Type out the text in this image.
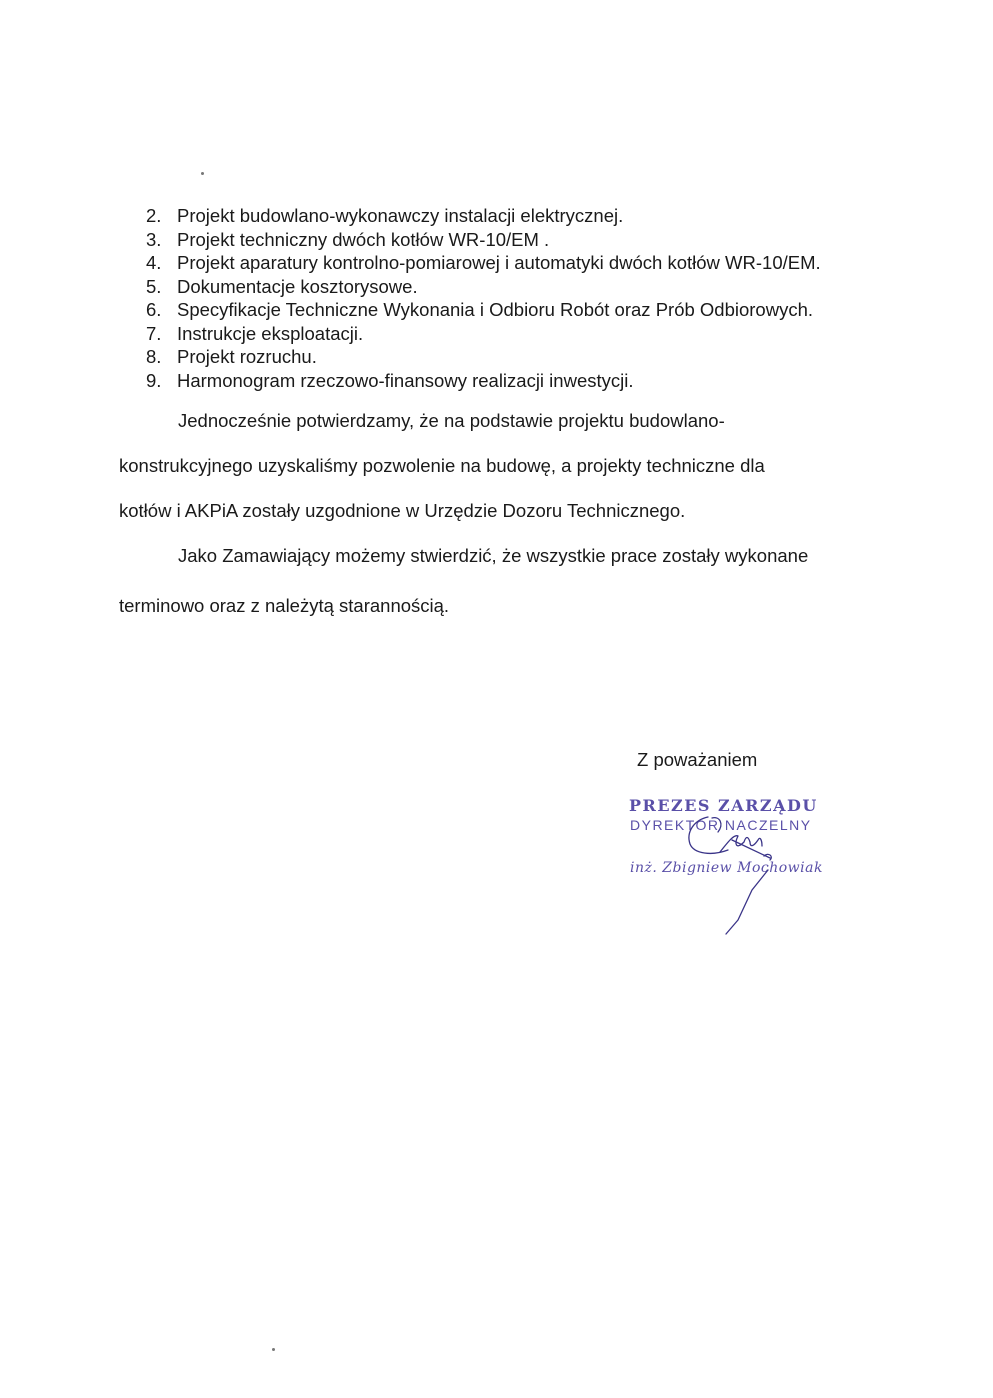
2. Projekt budowlano-wykonawczy instalacji elektrycznej.
3. Projekt techniczny dwóch kotłów WR-10/EM .
4. Projekt aparatury kontrolno-pomiarowej i automatyki dwóch kotłów WR-10/EM.
5. Dokumentacje kosztorysowe.
6. Specyfikacje Techniczne Wykonania i Odbioru Robót oraz Prób Odbiorowych.
7. Instrukcje eksploatacji.
8. Projekt rozruchu.
9. Harmonogram rzeczowo-finansowy realizacji inwestycji.

Jednocześnie potwierdzamy, że na podstawie projektu budowlano-

konstrukcyjnego uzyskaliśmy pozwolenie na budowę, a projekty techniczne dla

kotłów i AKPiA zostały uzgodnione w Urzędzie Dozoru Technicznego.

Jako Zamawiający możemy stwierdzić, że wszystkie prace zostały wykonane

terminowo oraz z należytą starannością.

Z poważaniem
PREZES ZARZĄDU
DYREKTOR NACZELNY
inż. Zbigniew Mochowiak
